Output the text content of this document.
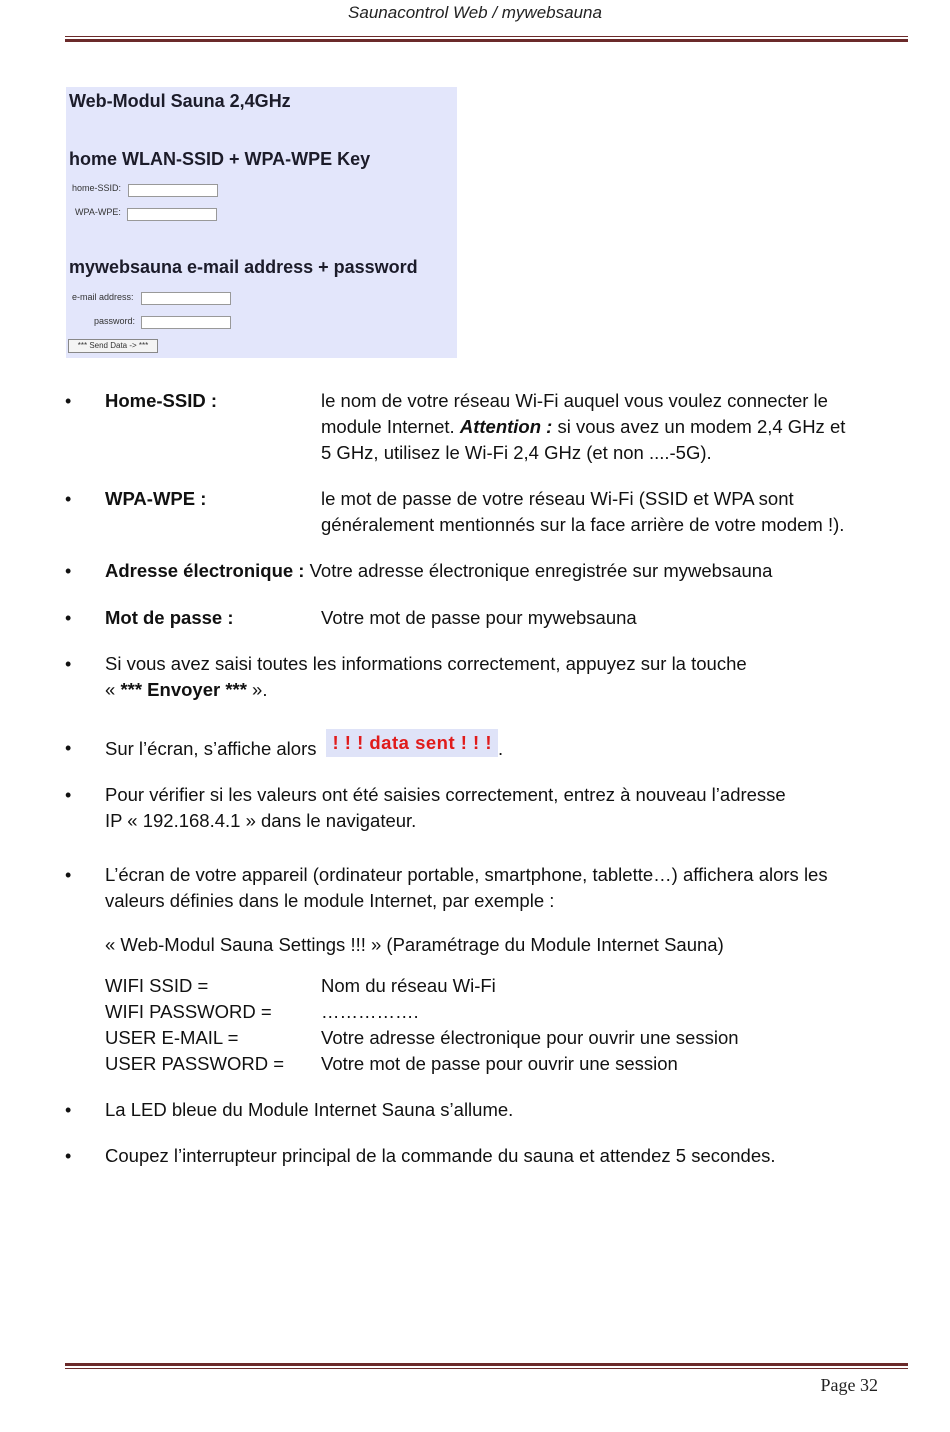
Saunacontrol Web / mywebsauna
Web-Modul Sauna 2,4GHz
home WLAN-SSID + WPA-WPE Key
home-SSID:
WPA-WPE:
mywebsauna e-mail address + password
e-mail address:
password:
*** Send Data -> ***
• Home-SSID :	le nom de votre réseau Wi-Fi auquel vous voulez connecter le
module Internet. Attention : si vous avez un modem 2,4 GHz et
5 GHz, utilisez le Wi-Fi 2,4 GHz (et non ....-5G).
• WPA-WPE :	le mot de passe de votre réseau Wi-Fi (SSID et WPA sont
généralement mentionnés sur la face arrière de votre modem !).
• Adresse électronique : Votre adresse électronique enregistrée sur mywebsauna
• Mot de passe :	Votre mot de passe pour mywebsauna
• Si vous avez saisi toutes les informations correctement, appuyez sur la touche
« *** Envoyer *** ».
• Sur l’écran, s’affiche alors ! ! ! data sent ! ! ! .
• Pour vérifier si les valeurs ont été saisies correctement, entrez à nouveau l’adresse
IP « 192.168.4.1 » dans le navigateur.
• L’écran de votre appareil (ordinateur portable, smartphone, tablette…) affichera alors les
valeurs définies dans le module Internet, par exemple :
« Web-Modul Sauna Settings !!! » (Paramétrage du Module Internet Sauna)
WIFI SSID =	Nom du réseau Wi-Fi
WIFI PASSWORD =	…………….
USER E-MAIL =	Votre adresse électronique pour ouvrir une session
USER PASSWORD = Votre mot de passe pour ouvrir une session
• La LED bleue du Module Internet Sauna s’allume.
• Coupez l’interrupteur principal de la commande du sauna et attendez 5 secondes.
Page 32
